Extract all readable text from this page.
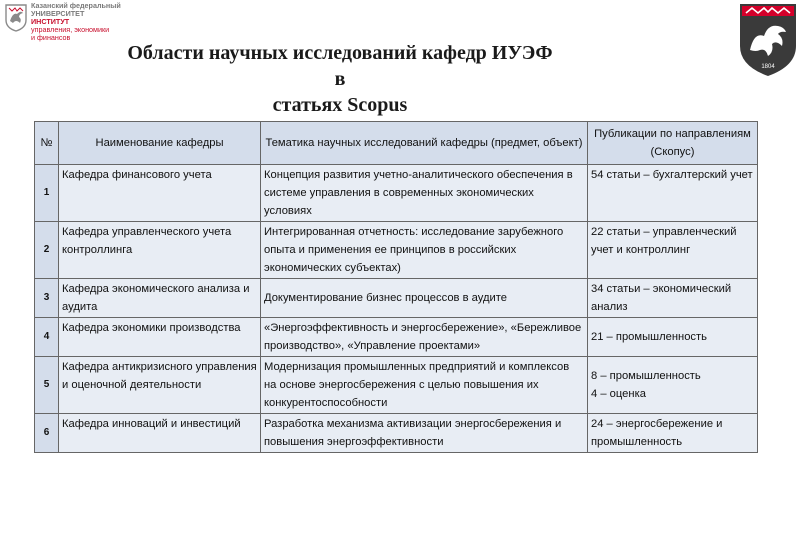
Казанский федеральный
УНИВЕРСИТЕТ
ИНСТИТУТ
управления, экономики
и финансов
1804
Области научных исследований кафедр ИУЭФ в
статьях Scopus
№	Наименование кафедры	Тематика научных исследований кафедры (предмет, объект)	Публикации по направлениям (Скопус)
1	Кафедра финансового учета	Концепция развития учетно-аналитического обеспечения в системе управления в современных экономических условиях	54 статьи – бухгалтерский учет
2	Кафедра управленческого учета контроллинга	Интегрированная отчетность: исследование зарубежного опыта и применения ее принципов в российских экономических субъектах)	22 статьи – управленческий учет и контроллинг
3	Кафедра экономического анализа и аудита	Документирование бизнес процессов в аудите	34 статьи – экономический анализ
4	Кафедра экономики производства	«Энергоэффективность и энергосбережение», «Бережливое производство», «Управление проектами»	21 – промышленность
5	Кафедра антикризисного управления и оценочной деятельности	Модернизация промышленных предприятий и комплексов на основе энергосбережения с целью повышения их конкурентоспособности	8 – промышленность
4 – оценка

6	Кафедра инноваций и инвестиций	Разработка механизма активизации энергосбережения и повышения энергоэффективности	24 – энергосбережение и промышленность
